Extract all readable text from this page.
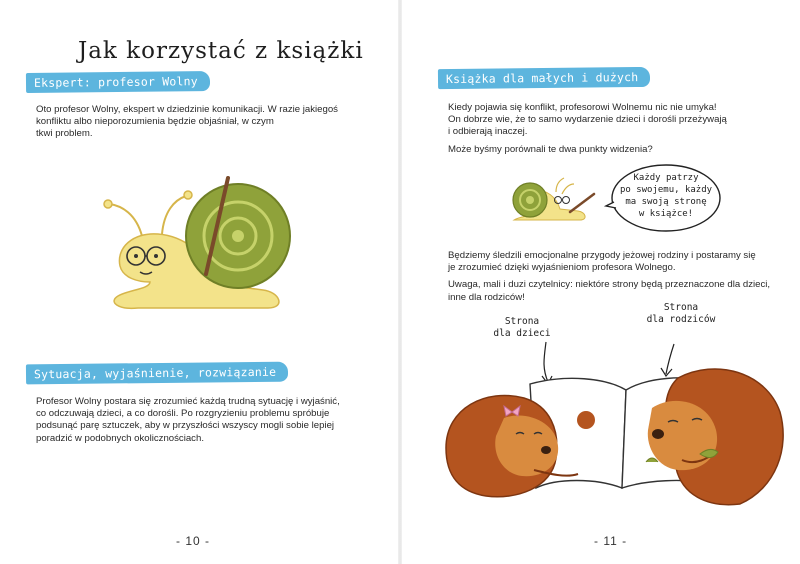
Jak korzystać z książki
Ekspert: profesor Wolny
Oto profesor Wolny, ekspert w dziedzinie komunikacji. W razie jakiegoś
konfliktu albo nieporozumienia będzie objaśniał, w czym
tkwi problem.
Sytuacja, wyjaśnienie, rozwiązanie
Profesor Wolny postara się zrozumieć każdą trudną sytuację i wyjaśnić,
co odczuwają dzieci, a co dorośli. Po rozgryzieniu problemu spróbuje
podsunąć parę sztuczek, aby w przyszłości wszyscy mogli sobie lepiej
poradzić w podobnych okolicznościach.
- 10 -
Książka dla małych i dużych
Kiedy pojawia się konflikt, profesorowi Wolnemu nic nie umyka!
On dobrze wie, że to samo wydarzenie dzieci i dorośli przeżywają
i odbierają inaczej.
Może byśmy porównali te dwa punkty widzenia?
Każdy patrzy
po swojemu, każdy
ma swoją stronę
w książce!
Będziemy śledzili emocjonalne przygody jeżowej rodziny i postaramy się
je zrozumieć dzięki wyjaśnieniom profesora Wolnego.
Uwaga, mali i duzi czytelnicy: niektóre strony będą przeznaczone dla dzieci,
inne dla rodziców!
Strona
dla dzieci
Strona
dla rodziców
- 11 -
